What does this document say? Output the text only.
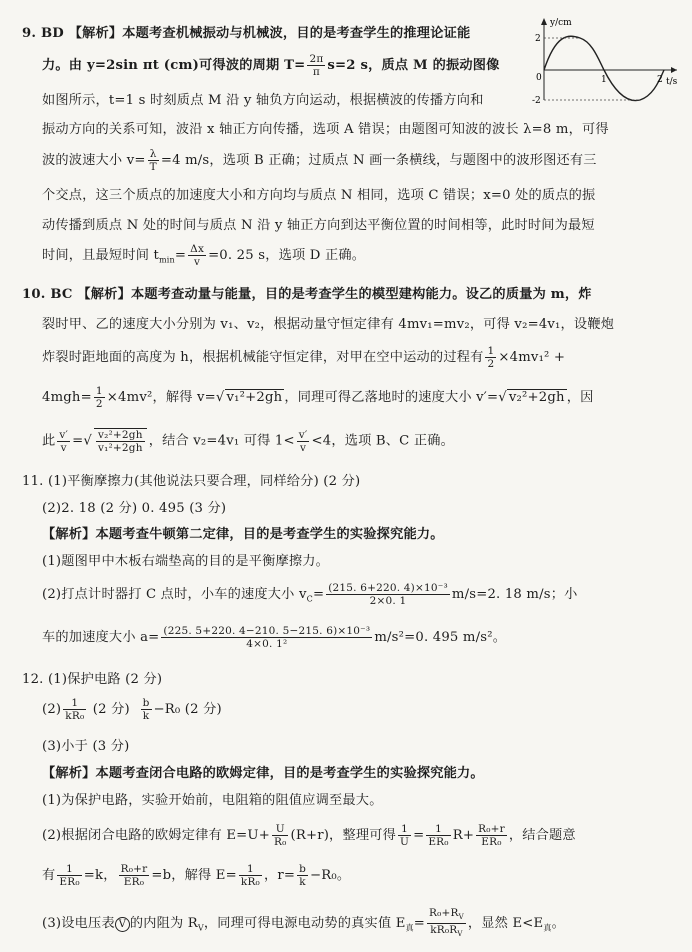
9. BD 【解析】本题考查机械振动与机械波，目的是考查学生的推理论证能
力。由 y=2sin πt (cm)可得波的周期 $T= \frac{2\pi}{\pi} s=2$ s，质点 M 的振动图像
如图所示，t=1 s 时刻质点 M 沿 y 轴负方向运动，根据横波的传播方向和
振动方向的关系可知，波沿 x 轴正方向传播，选项 A 错误；由题图可知波的波长 λ=8 m，可得
波的波速大小 $v= \frac{\lambda}{T} =4$ m/s，选项 B 正确；过质点 N 画一条横线，与题图中的波形图还有三
个交点，这三个质点的加速度大小和方向均与质点 N 相同，选项 C 错误；x=0 处的质点的振
动传播到质点 N 处的时间与质点 N 沿 y 轴正方向到达平衡位置的时间相等，此时时间为最短
时间，且最短时间 $t_{min}= \frac{\Delta x}{v} =0$. 25 s，选项 D 正确。
y/cm
t/s
2
-2
0	1	2
10. BC 【解析】本题考查动量与能量，目的是考查学生的模型建构能力。设乙的质量为 m，炸
裂时甲、乙的速度大小分别为 v₁、v₂，根据动量守恒定律有 4mv₁=mv₂，可得 v₂=4v₁，设鞭炮
炸裂时距地面的高度为 h，根据机械能守恒定律，对甲在空中运动的过程有 $\frac{1}{2} \times 4mv_1^2$ +
$4mgh= \frac{1}{2} \times 4mv^2$，解得 v=√ v₁²+2gh ，同理可得乙落地时的速度大小 v′=√ v₂²+2gh ，因
此 $\frac{v'}{v}$ =√ $\frac{\text{v₂²+2gh}}{\text{v₁²+2gh}}$ ，结合 v₂=4v₁ 可得 $1< \frac{v'}{v} <4$，选项 B、C 正确。
11. (1)平衡摩擦力(其他说法只要合理，同样给分) (2 分)
(2)2. 18 (2 分) 0. 495 (3 分)
【解析】本题考查牛顿第二定律，目的是考查学生的实验探究能力。
(1)题图甲中木板右端垫高的目的是平衡摩擦力。
(2)打点计时器打 C 点时，小车的速度大小 $v_C= \frac{\text{(215. 6+220. 4)×10⁻³}}{2\times 0. 1} m/s=2$. 18 m/s；小
车的加速度大小 $a= \frac{\text{(225. 5+220. 4−210. 5−215. 6)×10⁻³}}{\text{4×0. 1²}} m/s^2=0$. 495 m/s²。
12. (1)保护电路 (2 分)
$(2) \frac{1}{\text{kR₀}} (2$ 分) $\frac{b}{k} -R_0$ (2 分)
(3)小于 (3 分)
【解析】本题考查闭合电路的欧姆定律，目的是考查学生的实验探究能力。
(1)为保护电路，实验开始前，电阻箱的阻值应调至最大。
(2)根据闭合电路的欧姆定律有 $E=U+ \frac{U}{\text{R₀}} (R+r)$，整理可得 $\frac{1}{U} = \frac{1}{\text{ER₀}} R+ \frac{\text{R₀+r}}{\text{ER₀}}$ ，结合题意
有 $\frac{1}{\text{ER₀}} =k$， $\frac{\text{R₀+r}}{\text{ER₀}} =b$，解得 $E= \frac{1}{\text{kR₀}}$ ，$r= \frac{b}{k} -R_0$。
(3)设电压表 V 的内阻为 $R_V$，同理可得电源电动势的真实值 $E_真= \frac{R_0+R_V}{kR_0R_V}$ ，显然 $E<E_真$。
